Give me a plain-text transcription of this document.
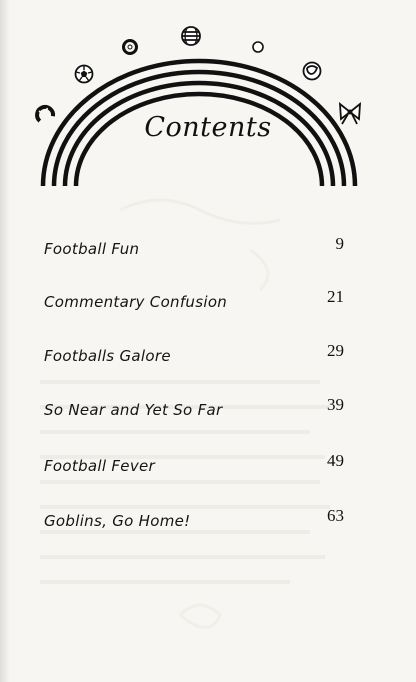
Contents
Football Fun	9
Commentary Confusion	21
Footballs Galore	29
So Near and Yet So Far	39
Football Fever	49
Goblins, Go Home!	63
